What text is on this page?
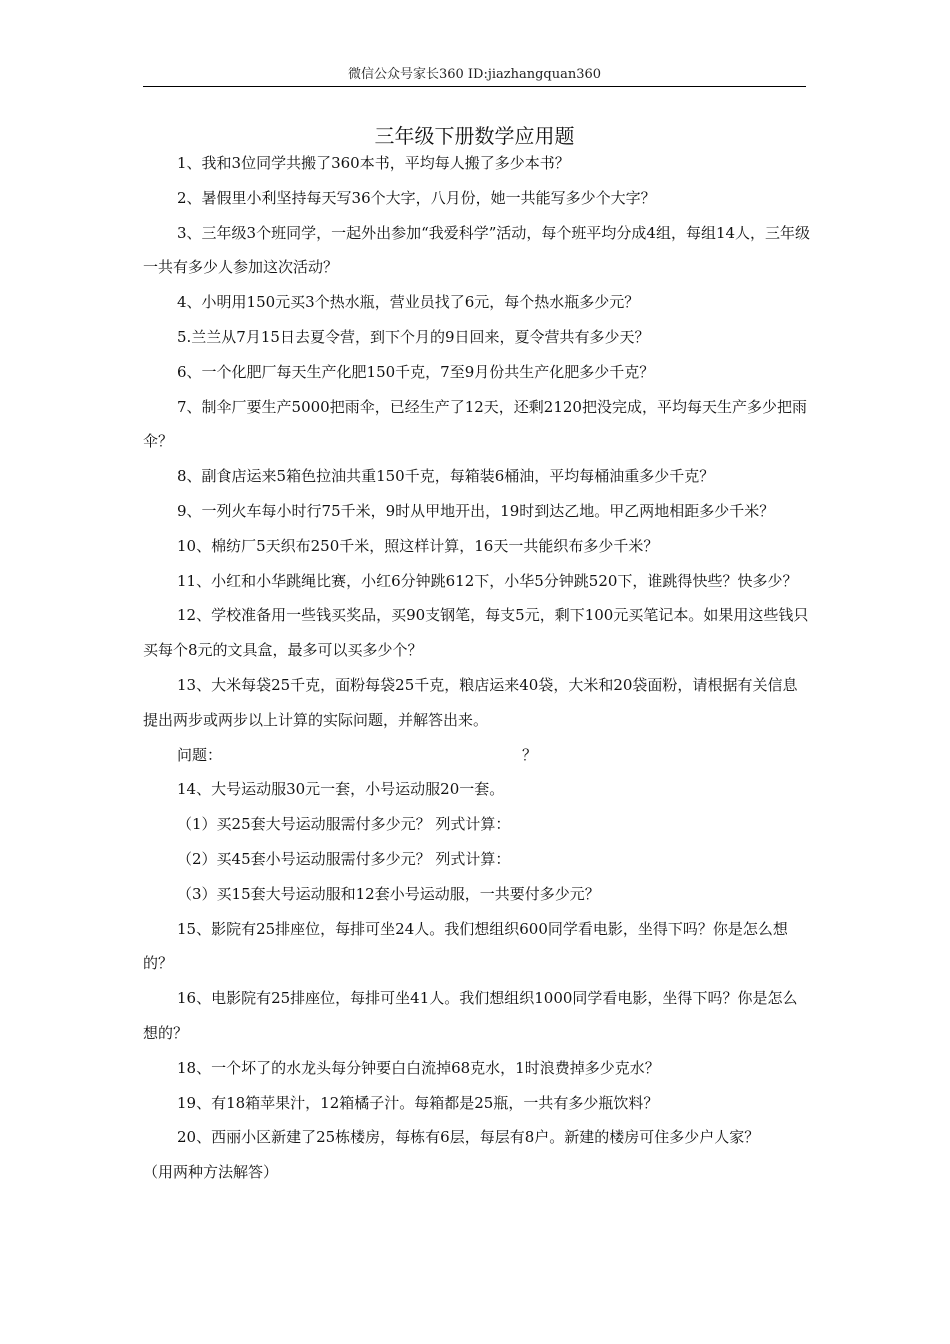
微信公众号家长360 ID:jiazhangquan360
三年级下册数学应用题

1、我和3位同学共搬了360本书，平均每人搬了多少本书？

2、暑假里小利坚持每天写36个大字，八月份，她一共能写多少个大字？

3、三年级3个班同学，一起外出参加“我爱科学”活动，每个班平均分成4组，每组14人，三年级一共有多少人参加这次活动？

4、小明用150元买3个热水瓶，营业员找了6元，每个热水瓶多少元？

5.兰兰从7月15日去夏令营，到下个月的9日回来，夏令营共有多少天？

6、一个化肥厂每天生产化肥150千克，7至9月份共生产化肥多少千克？

7、制伞厂要生产5000把雨伞，已经生产了12天，还剩2120把没完成，平均每天生产多少把雨伞？

8、副食店运来5箱色拉油共重150千克，每箱装6桶油，平均每桶油重多少千克？

9、一列火车每小时行75千米，9时从甲地开出，19时到达乙地。甲乙两地相距多少千米？

10、棉纺厂5天织布250千米，照这样计算，16天一共能织布多少千米？

11、小红和小华跳绳比赛，小红6分钟跳612下，小华5分钟跳520下，谁跳得快些？快多少？

12、学校准备用一些钱买奖品，买90支钢笔，每支5元，剩下100元买笔记本。如果用这些钱只买每个8元的文具盒，最多可以买多少个？

13、大米每袋25千克，面粉每袋25千克，粮店运来40袋，大米和20袋面粉，请根据有关信息提出两步或两步以上计算的实际问题，并解答出来。

问题：	？

14、大号运动服30元一套，小号运动服20一套。

（1）买25套大号运动服需付多少元？ 列式计算：

（2）买45套小号运动服需付多少元？ 列式计算：

（3）买15套大号运动服和12套小号运动服，一共要付多少元？

15、影院有25排座位，每排可坐24人。我们想组织600同学看电影，坐得下吗？你是怎么想的？

16、电影院有25排座位，每排可坐41人。我们想组织1000同学看电影，坐得下吗？你是怎么想的？

18、一个坏了的水龙头每分钟要白白流掉68克水，1时浪费掉多少克水？

19、有18箱苹果汁，12箱橘子汁。每箱都是25瓶，一共有多少瓶饮料？

20、西丽小区新建了25栋楼房，每栋有6层，每层有8户。新建的楼房可住多少户人家？

（用两种方法解答）
